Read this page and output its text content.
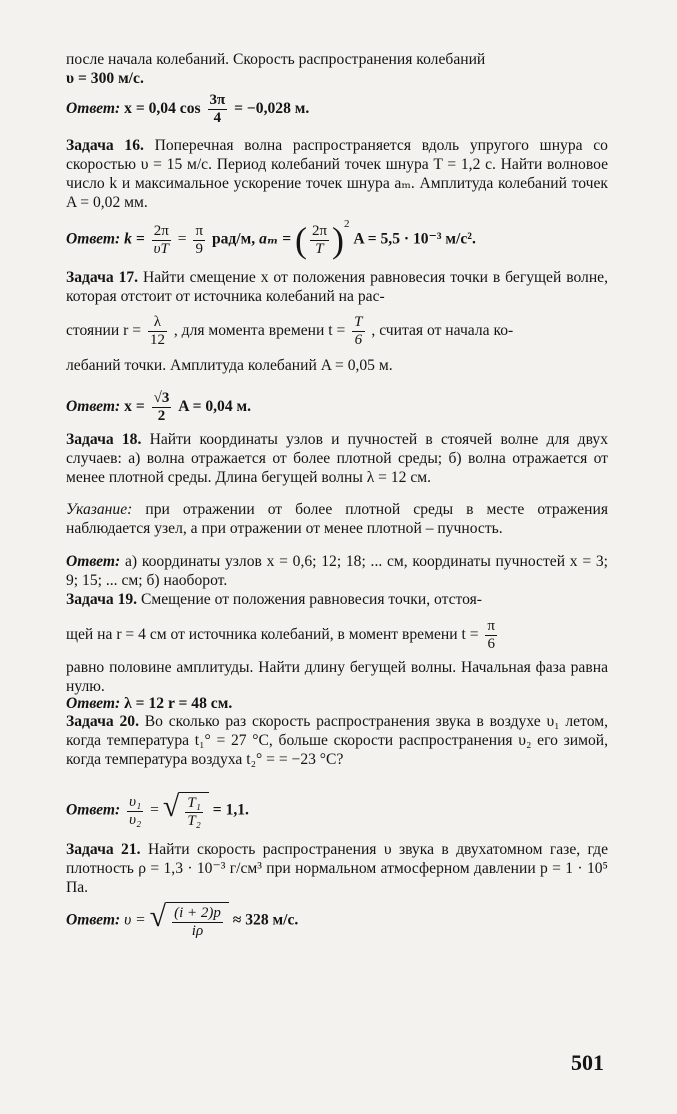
после начала колебаний. Скорость распространения колебаний
υ = 300 м/с.
Ответ: x = 0,04 $\cos \frac{3\pi}{4} = -0,028$ м.
Задача 16. Поперечная волна распространяется вдоль упругого шнура со скоростью υ = 15 м/с. Период колебаний точек шнура T = 1,2 с. Найти волновое число k и максимальное ускорение точек шнура aₘ. Амплитуда колебаний точек A = 0,02 мм.
Ответ: $k = \frac{2\pi}{\upsilon T} = \frac{\pi}{9} рад/м$, aₘ = ( $\frac{2\pi}{T} )^2$ A = 5,5 · 10⁻³ м/с².
Задача 17. Найти смещение x от положения равновесия точки в бегущей волне, которая отстоит от источника колебаний на рас-
стоянии $r = \frac{\lambda}{12}$ , для момента времени $t = \frac{T}{6}$ , считая от начала ко-
лебаний точки. Амплитуда колебаний A = 0,05 м.
Ответ: $x = \frac{√3}{2}$ A = 0,04 м.
Задача 18. Найти координаты узлов и пучностей в стоячей волне для двух случаев: а) волна отражается от более плотной среды; б) волна отражается от менее плотной среды. Длина бегущей волны λ = 12 см.
Указание: при отражении от более плотной среды в месте отражения наблюдается узел, а при отражении от менее плотной – пучность.
Ответ: а) координаты узлов x = 0,6; 12; 18; ... см, координаты пучностей x = 3; 9; 15; ... см; б) наоборот.
Задача 19. Смещение от положения равновесия точки, отстоя-
щей на r = 4 см от источника колебаний, в момент времени $t = \frac{\pi}{6}$
равно половине амплитуды. Найти длину бегущей волны. Начальная фаза равна нулю.
Ответ: λ = 12 r = 48 см.
Задача 20. Во сколько раз скорость распространения звука в воздухе υ₁ летом, когда температура t₁° = 27 °C, больше скорости распространения υ₂ его зимой, когда температура воздуха t₂° = = −23 °C?
Ответ: $\frac{\text{υ₁}}{\text{υ₂}}$ = √ $\frac{\text{T₁}}{\text{T₂}} = 1,1$.
Задача 21. Найти скорость распространения υ звука в двухатомном газе, где плотность ρ = 1,3 · 10⁻³ г/см³ при нормальном атмосферном давлении p = 1 · 10⁵ Па.
Ответ: υ = √ $\frac{(i + 2)p}{i\rho} \approx 328$ м/с.
501
